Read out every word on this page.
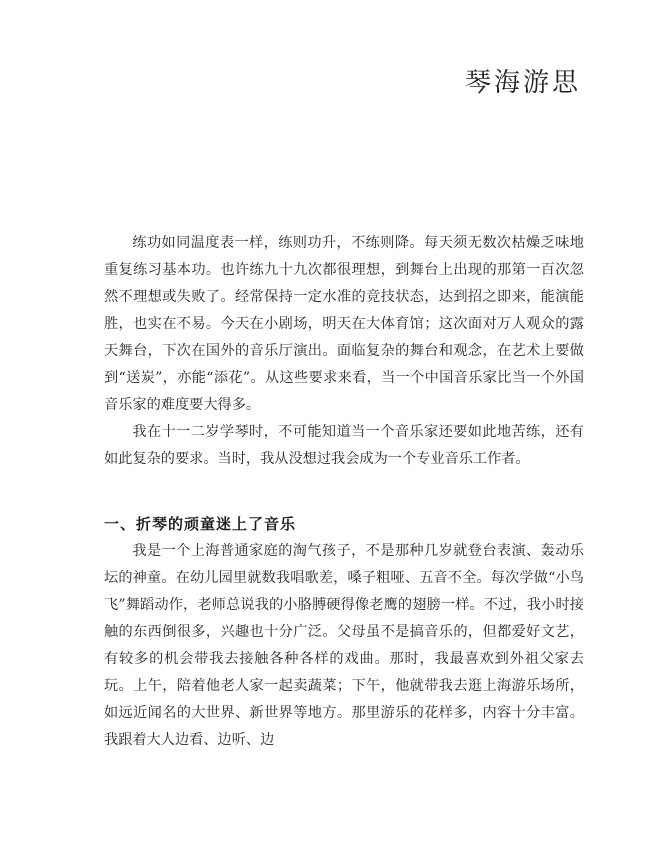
琴海游思

练功如同温度表一样，练则功升，不练则降。每天须无数次枯燥乏味地重复练习基本功。也许练九十九次都很理想，到舞台上出现的那第一百次忽然不理想或失败了。经常保持一定水准的竞技状态，达到招之即来，能演能胜，也实在不易。今天在小剧场，明天在大体育馆；这次面对万人观众的露天舞台，下次在国外的音乐厅演出。面临复杂的舞台和观念，在艺术上要做到“送炭”，亦能“添花”。从这些要求来看，当一个中国音乐家比当一个外国音乐家的难度要大得多。

我在十一二岁学琴时，不可能知道当一个音乐家还要如此地苦练，还有如此复杂的要求。当时，我从没想过我会成为一个专业音乐工作者。

一、折琴的顽童迷上了音乐

我是一个上海普通家庭的淘气孩子，不是那种几岁就登台表演、轰动乐坛的神童。在幼儿园里就数我唱歌差，嗓子粗哑、五音不全。每次学做“小鸟飞”舞蹈动作，老师总说我的小胳膊硬得像老鹰的翅膀一样。不过，我小时接触的东西倒很多，兴趣也十分广泛。父母虽不是搞音乐的，但都爱好文艺，有较多的机会带我去接触各种各样的戏曲。那时，我最喜欢到外祖父家去玩。上午，陪着他老人家一起卖蔬菜；下午，他就带我去逛上海游乐场所，如远近闻名的大世界、新世界等地方。那里游乐的花样多，内容十分丰富。我跟着大人边看、边听、边
